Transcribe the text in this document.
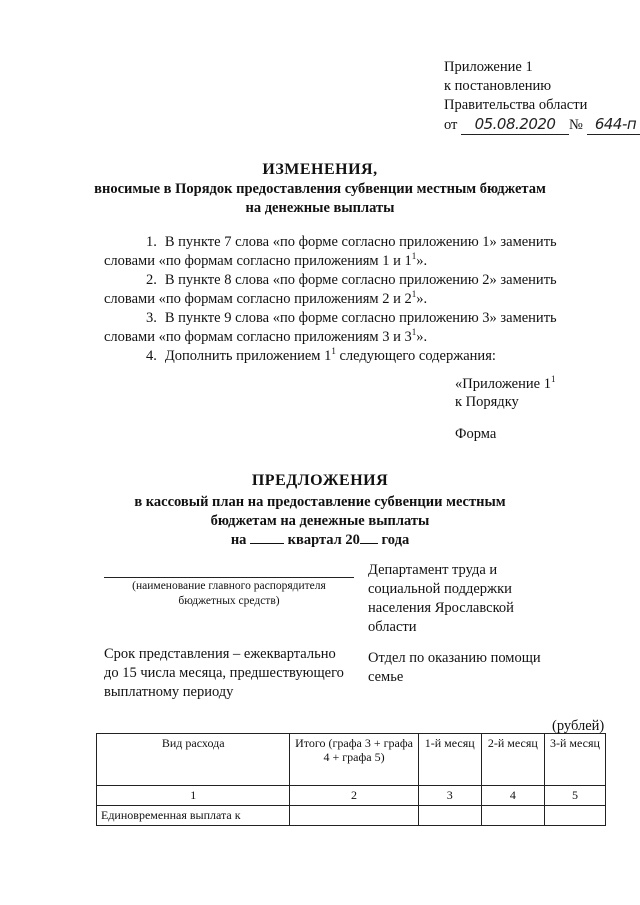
Приложение 1
к постановлению
Правительства области
от 05.08.2020 № 644-п
ИЗМЕНЕНИЯ,
вносимые в Порядок предоставления субвенции местным бюджетам
на денежные выплаты
1. В пункте 7 слова «по форме согласно приложению 1» заменить
словами «по формам согласно приложениям 1 и $1^1$».
2. В пункте 8 слова «по форме согласно приложению 2» заменить
словами «по формам согласно приложениям 2 и $2^1$».
3. В пункте 9 слова «по форме согласно приложению 3» заменить
словами «по формам согласно приложениям 3 и $3^1$».
4. Дополнить приложением $1^1$ следующего содержания:
«Приложение $1^1$
к Порядку
Форма
ПРЕДЛОЖЕНИЯ
в кассовый план на предоставление субвенции местным
бюджетам на денежные выплаты
на	квартал 20 года
(наименование главного распорядителя
бюджетных средств)
Срок представления – ежеквартально
до 15 числа месяца, предшествующего
выплатному периоду
Департамент труда и
социальной поддержки
населения Ярославской
области
Отдел по оказанию помощи
семье
(рублей)
Вид расхода	Итого (графа 3 + графа 4 + графа 5)	1-й месяц	2-й месяц	3-й месяц
1	2	3	4	5
Единовременная выплата к				
